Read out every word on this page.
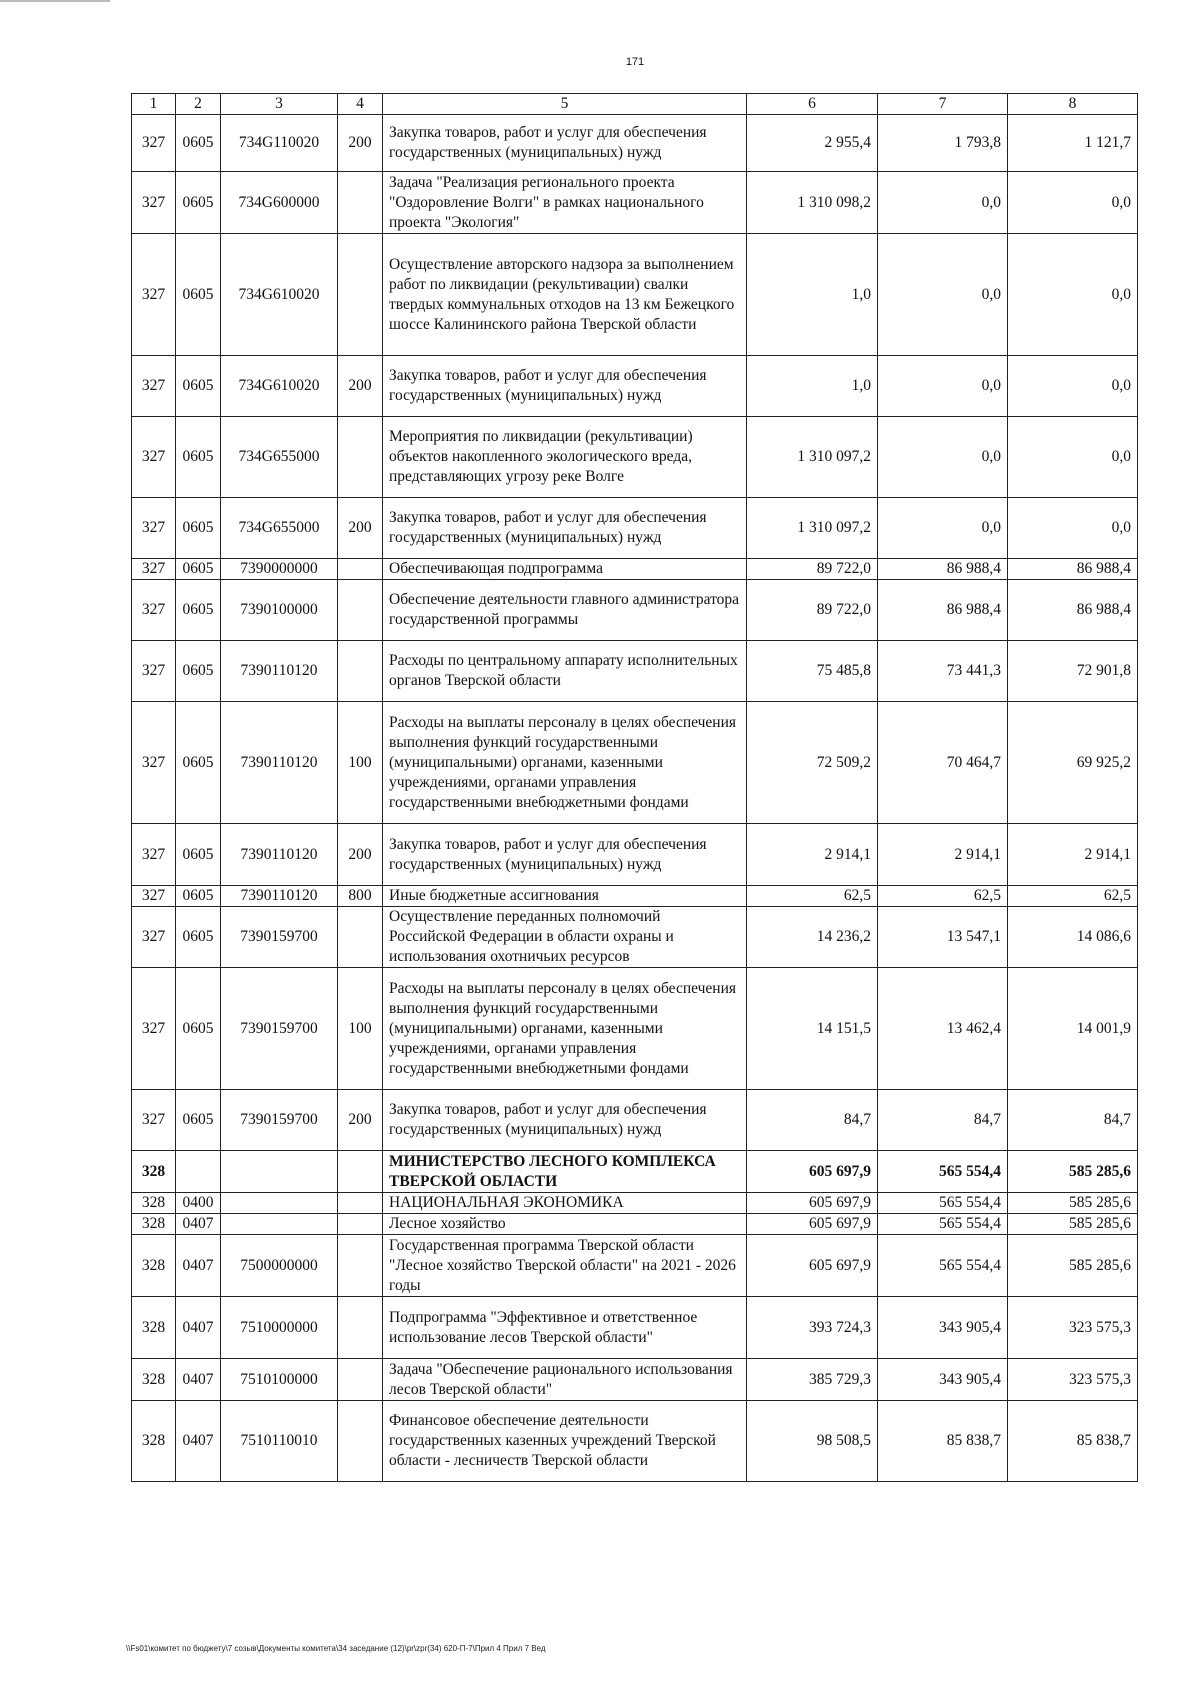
171
1	2	3	4	5	6	7	8
327	0605	734G110020	200	Закупка товаров, работ и услуг для обеспечения государственных (муниципальных) нужд	2 955,4	1 793,8	1 121,7
327	0605	734G600000		Задача "Реализация регионального проекта "Оздоровление Волги" в рамках национального проекта "Экология"	1 310 098,2	0,0	0,0
327	0605	734G610020		Осуществление авторского надзора за выполнением работ по ликвидации (рекультивации) свалки твердых коммунальных отходов на 13 км Бежецкого шоссе Калининского района Тверской области	1,0	0,0	0,0
327	0605	734G610020	200	Закупка товаров, работ и услуг для обеспечения государственных (муниципальных) нужд	1,0	0,0	0,0
327	0605	734G655000		Мероприятия по ликвидации (рекультивации) объектов накопленного экологического вреда, представляющих угрозу реке Волге	1 310 097,2	0,0	0,0
327	0605	734G655000	200	Закупка товаров, работ и услуг для обеспечения государственных (муниципальных) нужд	1 310 097,2	0,0	0,0
327	0605	7390000000		Обеспечивающая подпрограмма	89 722,0	86 988,4	86 988,4
327	0605	7390100000		Обеспечение деятельности главного администратора государственной программы	89 722,0	86 988,4	86 988,4
327	0605	7390110120		Расходы по центральному аппарату исполнительных органов Тверской области	75 485,8	73 441,3	72 901,8
327	0605	7390110120	100	Расходы на выплаты персоналу в целях обеспечения выполнения функций государственными (муниципальными) органами, казенными учреждениями, органами управления государственными внебюджетными фондами	72 509,2	70 464,7	69 925,2
327	0605	7390110120	200	Закупка товаров, работ и услуг для обеспечения государственных (муниципальных) нужд	2 914,1	2 914,1	2 914,1
327	0605	7390110120	800	Иные бюджетные ассигнования	62,5	62,5	62,5
327	0605	7390159700		Осуществление переданных полномочий Российской Федерации в области охраны и использования охотничьих ресурсов	14 236,2	13 547,1	14 086,6
327	0605	7390159700	100	Расходы на выплаты персоналу в целях обеспечения выполнения функций государственными (муниципальными) органами, казенными учреждениями, органами управления государственными внебюджетными фондами	14 151,5	13 462,4	14 001,9
327	0605	7390159700	200	Закупка товаров, работ и услуг для обеспечения государственных (муниципальных) нужд	84,7	84,7	84,7
328				МИНИСТЕРСТВО ЛЕСНОГО КОМПЛЕКСА ТВЕРСКОЙ ОБЛАСТИ	605 697,9	565 554,4	585 285,6
328	0400			НАЦИОНАЛЬНАЯ ЭКОНОМИКА	605 697,9	565 554,4	585 285,6
328	0407			Лесное хозяйство	605 697,9	565 554,4	585 285,6
328	0407	7500000000		Государственная программа Тверской области "Лесное хозяйство Тверской области" на 2021 - 2026 годы	605 697,9	565 554,4	585 285,6
328	0407	7510000000		Подпрограмма "Эффективное и ответственное использование лесов Тверской области"	393 724,3	343 905,4	323 575,3
328	0407	7510100000		Задача "Обеспечение рационального использования лесов Тверской области"	385 729,3	343 905,4	323 575,3
328	0407	7510110010		Финансовое обеспечение деятельности государственных казенных учреждений Тверской области - лесничеств Тверской области	98 508,5	85 838,7	85 838,7
\\Fs01\комитет по бюджету\7 созыв\Документы комитета\34 заседание (12)\pr\zpr(34) 620-П-7\Прил 4 Прил 7 Вед
